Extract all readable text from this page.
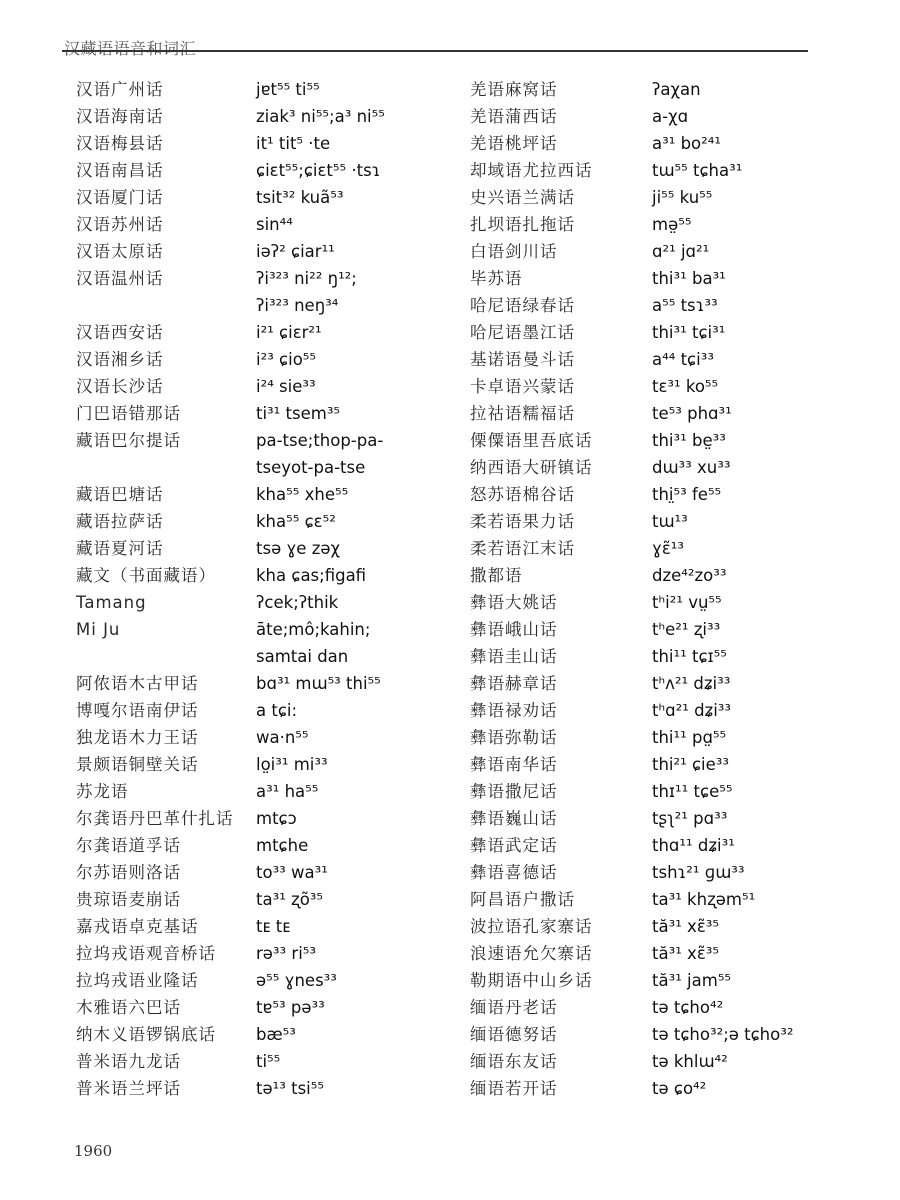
汉藏语语音和词汇
汉语广州话	jɐt⁵⁵ ti⁵⁵
汉语海南话	ziak³ ni⁵⁵;a³ ni⁵⁵
汉语梅县话	it¹ tit⁵ ·te
汉语南昌话	ɕiɛt⁵⁵;ɕiɛt⁵⁵ ·tsɿ
汉语厦门话	tsit³² kuã⁵³
汉语苏州话	sin⁴⁴
汉语太原话	iəʔ² ɕiar¹¹
汉语温州话	ʔi³²³ ni²² ŋ¹²;
ʔi³²³ neŋ³⁴
汉语西安话	i²¹ ɕiɛr²¹
汉语湘乡话	i²³ ɕio⁵⁵
汉语长沙话	i²⁴ sie³³
门巴语错那话	ti³¹ tsem³⁵
藏语巴尔提话	pa-tse;thop-pa-
tseyot-pa-tse
藏语巴塘话	kha⁵⁵ xhe⁵⁵
藏语拉萨话	kha⁵⁵ ɕɛ⁵²
藏语夏河话	tsə ɣe zəχ
藏文（书面藏语） kha ɕas;figafi
Tamang	ʔcek;ʔthik
Mi Ju	āte;mô;kahin;
samtai dan
阿侬语木古甲话	bɑ³¹ mɯ⁵³ thi⁵⁵
博嘎尔语南伊话	a tɕi:
独龙语木力王话	wa·n⁵⁵
景颇语铜壁关话	lo̤i³¹ mi³³
苏龙语	a³¹ ha⁵⁵
尔龚语丹巴革什扎话 mtɕɔ
尔龚语道孚话	mtɕhe
尔苏语则洛话	to³³ wa³¹
贵琼语麦崩话	ta³¹ ʐõ³⁵
嘉戎语卓克基话	tᴇ tᴇ
拉坞戎语观音桥话 rə³³ ri⁵³
拉坞戎语业隆话	ə⁵⁵ ɣnes³³
木雅语六巴话	tɐ⁵³ pə³³
纳木义语锣锅底话 bæ⁵³
普米语九龙话	ti⁵⁵
普米语兰坪话	tə¹³ tsi⁵⁵
羌语麻窝话	ʔaχan
羌语蒲西话	a-χɑ
羌语桃坪话	a³¹ bo²⁴¹
却域语尤拉西话	tɯ⁵⁵ tɕha³¹
史兴语兰满话	ji⁵⁵ ku⁵⁵
扎坝语扎拖话	mə̤⁵⁵
白语剑川话	ɑ²¹ jɑ²¹
毕苏语	thi³¹ ba³¹
哈尼语绿春话	a⁵⁵ tsɿ³³
哈尼语墨江话	thi³¹ tɕi³¹
基诺语曼斗话	a⁴⁴ tɕi³³
卡卓语兴蒙话	tɛ³¹ ko⁵⁵
拉祜语糯福话	te⁵³ phɑ³¹
傈僳语里吾底话	thi³¹ be̤³³
纳西语大研镇话	dɯ³³ xu³³
怒苏语棉谷话	thi̤⁵³ fe⁵⁵
柔若语果力话	tɯ¹³
柔若语江末话	ɣɛ̃¹³
撒都语	dze⁴²zo³³
彝语大姚话	tʰi²¹ vṳ⁵⁵
彝语峨山话	tʰe²¹ ʐi³³
彝语圭山话	thi¹¹ tɕɪ⁵⁵
彝语赫章话	tʰʌ²¹ dʑi³³
彝语禄劝话	tʰɑ²¹ dʑi³³
彝语弥勒话	thi¹¹ pɑ̤⁵⁵
彝语南华话	thi²¹ ɕie³³
彝语撒尼话	thɪ¹¹ tɕe⁵⁵
彝语巍山话	tʂʅ²¹ pɑ³³
彝语武定话	thɑ¹¹ dʑi³¹
彝语喜德话	tshɿ²¹ ɡɯ³³
阿昌语户撒话	ta³¹ khʐəm⁵¹
波拉语孔家寨话	tă³¹ xɛ̃³⁵
浪速语允欠寨话	tă³¹ xɛ̃³⁵
勒期语中山乡话	tă³¹ jam⁵⁵
缅语丹老话	tə tɕho⁴²
缅语德努话	tə tɕho³²;ə tɕho³²
缅语东友话	tə khlɯ⁴²
缅语若开话	tə ɕo⁴²
1960
